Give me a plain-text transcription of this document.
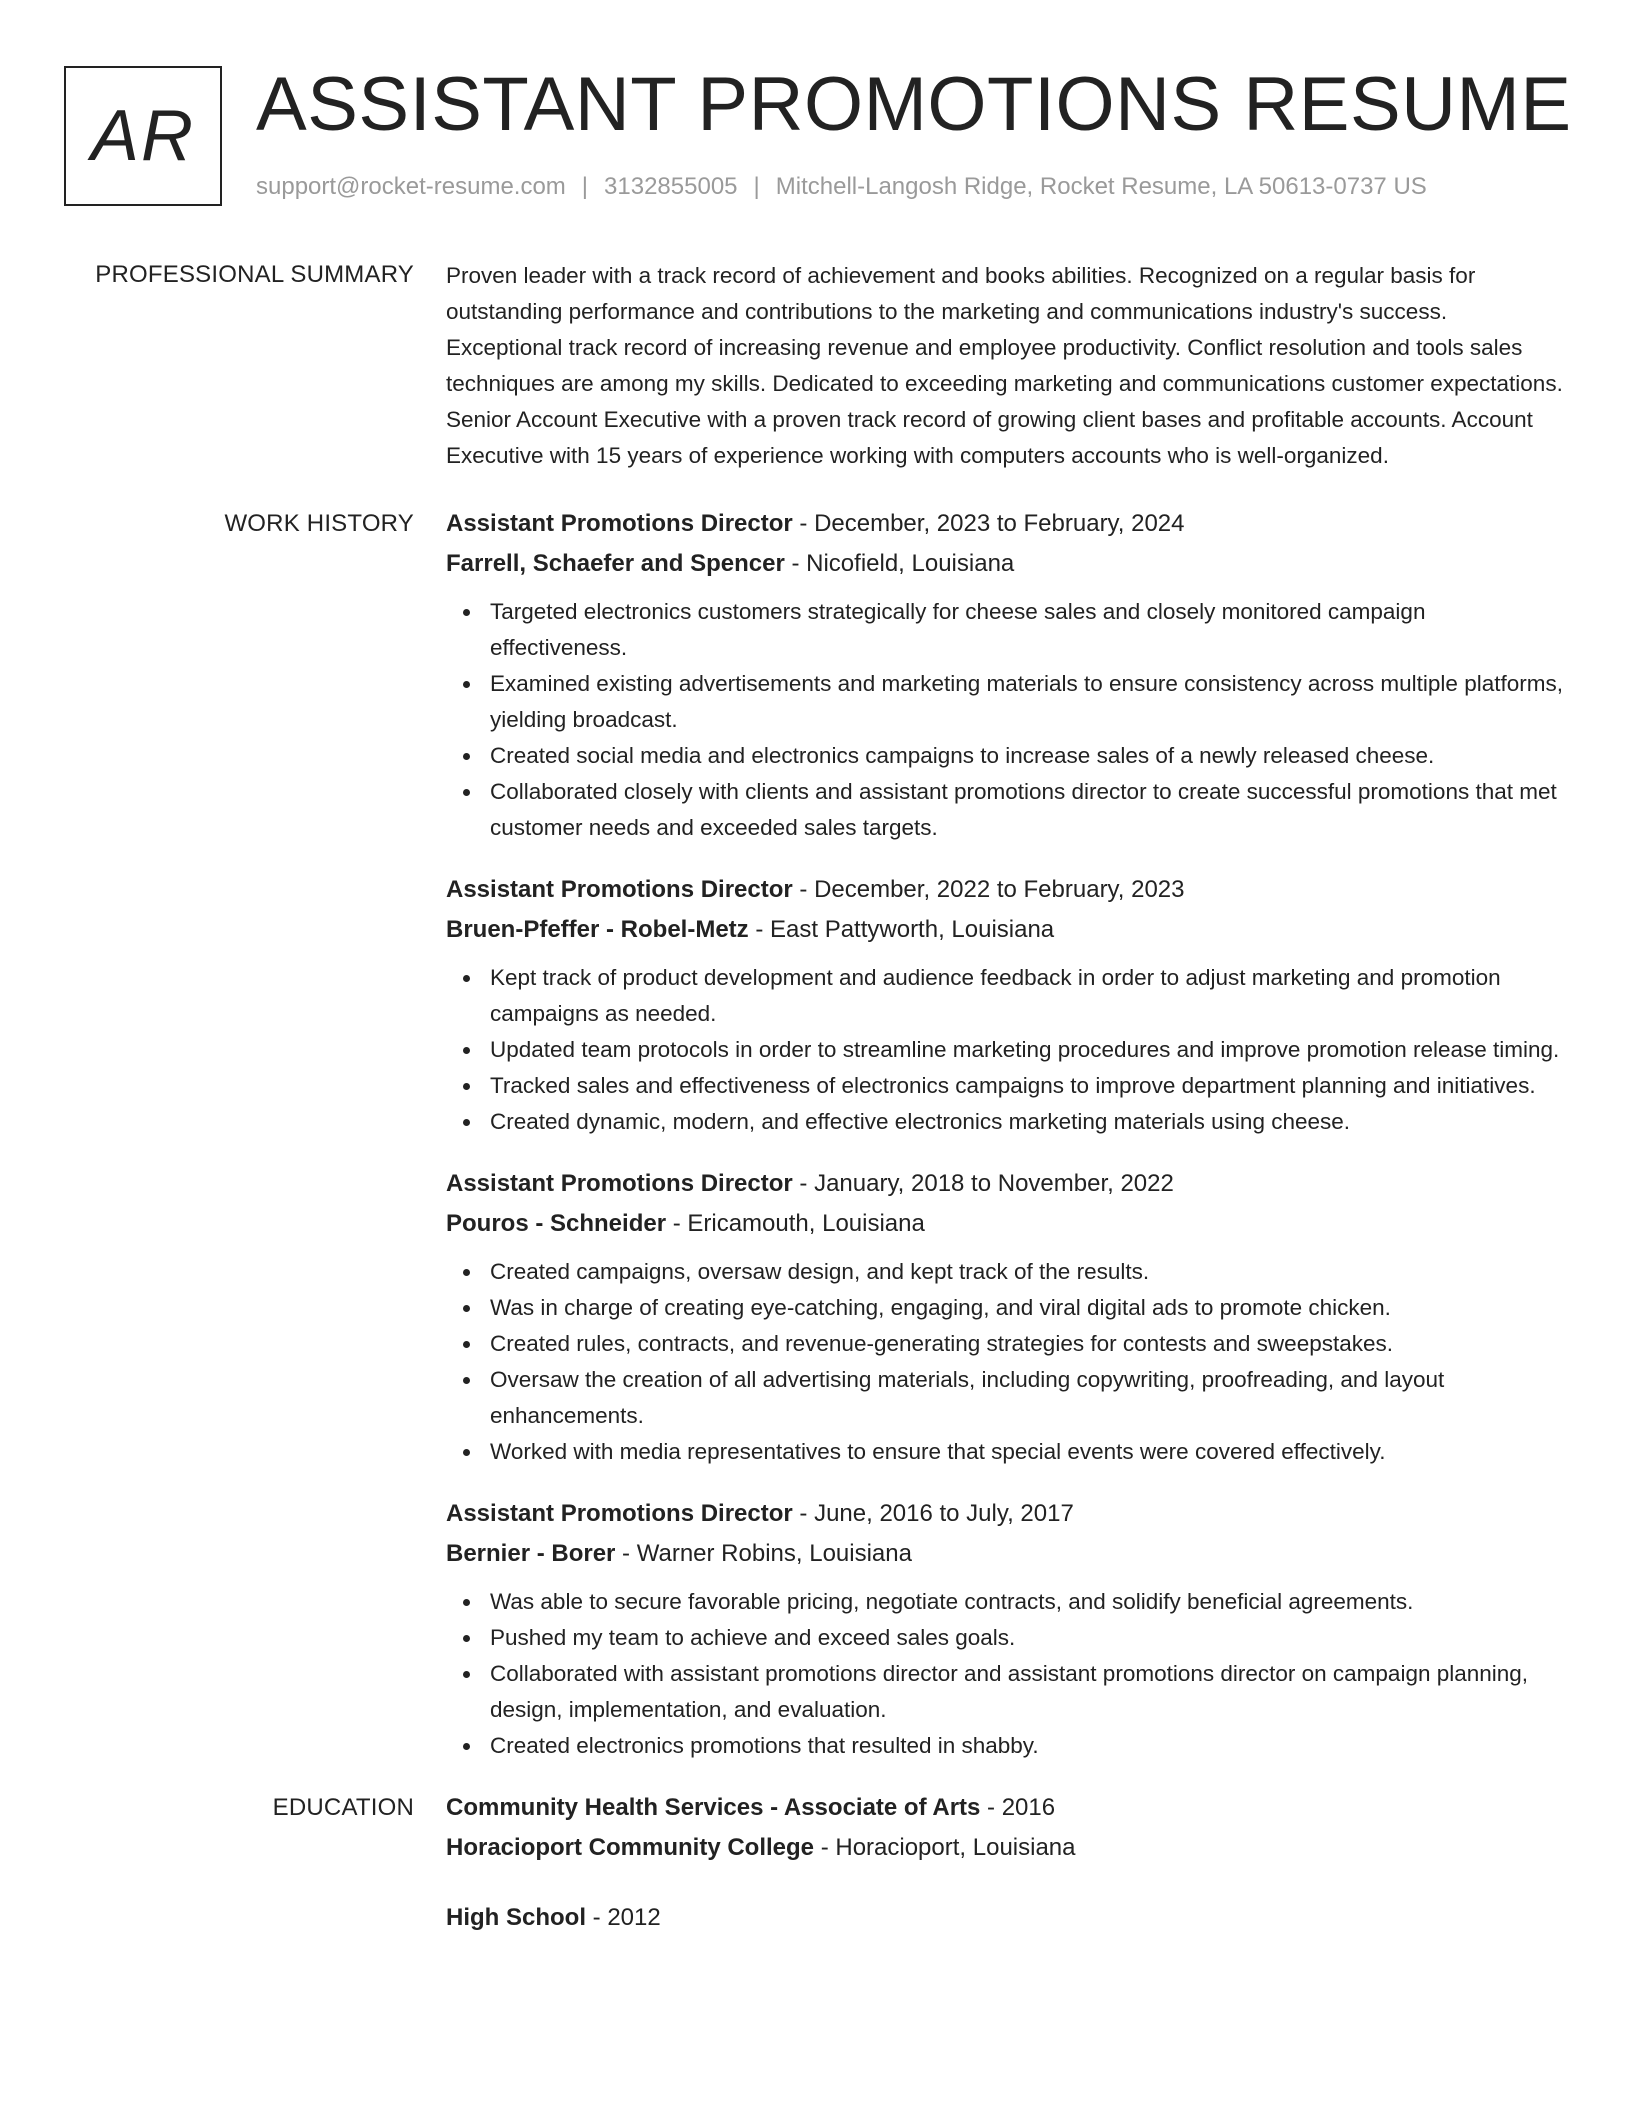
AR ASSISTANT PROMOTIONS RESUME
support@rocket-resume.com | 3132855005 | Mitchell-Langosh Ridge, Rocket Resume, LA 50613-0737 US
PROFESSIONAL SUMMARY Proven leader with a track record of achievement and books abilities. Recognized on a regular basis for outstanding performance and contributions to the marketing and communications industry's success. Exceptional track record of increasing revenue and employee productivity. Conflict resolution and tools sales techniques are among my skills. Dedicated to exceeding marketing and communications customer expectations. Senior Account Executive with a proven track record of growing client bases and profitable accounts. Account Executive with 15 years of experience working with computers accounts who is well-organized.

WORK HISTORY Assistant Promotions Director - December, 2023 to February, 2024
Farrell, Schaefer and Spencer - Nicofield, Louisiana
Targeted electronics customers strategically for cheese sales and closely monitored campaign effectiveness.
Examined existing advertisements and marketing materials to ensure consistency across multiple platforms, yielding broadcast.
Created social media and electronics campaigns to increase sales of a newly released cheese.
Collaborated closely with clients and assistant promotions director to create successful promotions that met customer needs and exceeded sales targets.
Assistant Promotions Director - December, 2022 to February, 2023
Bruen-Pfeffer - Robel-Metz - East Pattyworth, Louisiana
Kept track of product development and audience feedback in order to adjust marketing and promotion campaigns as needed.
Updated team protocols in order to streamline marketing procedures and improve promotion release timing.
Tracked sales and effectiveness of electronics campaigns to improve department planning and initiatives.
Created dynamic, modern, and effective electronics marketing materials using cheese.
Assistant Promotions Director - January, 2018 to November, 2022
Pouros - Schneider - Ericamouth, Louisiana
Created campaigns, oversaw design, and kept track of the results.
Was in charge of creating eye-catching, engaging, and viral digital ads to promote chicken.
Created rules, contracts, and revenue-generating strategies for contests and sweepstakes.
Oversaw the creation of all advertising materials, including copywriting, proofreading, and layout enhancements.
Worked with media representatives to ensure that special events were covered effectively.
Assistant Promotions Director - June, 2016 to July, 2017
Bernier - Borer - Warner Robins, Louisiana
Was able to secure favorable pricing, negotiate contracts, and solidify beneficial agreements.
Pushed my team to achieve and exceed sales goals.
Collaborated with assistant promotions director and assistant promotions director on campaign planning, design, implementation, and evaluation.
Created electronics promotions that resulted in shabby.
EDUCATION Community Health Services - Associate of Arts - 2016
Horacioport Community College - Horacioport, Louisiana
High School - 2012
